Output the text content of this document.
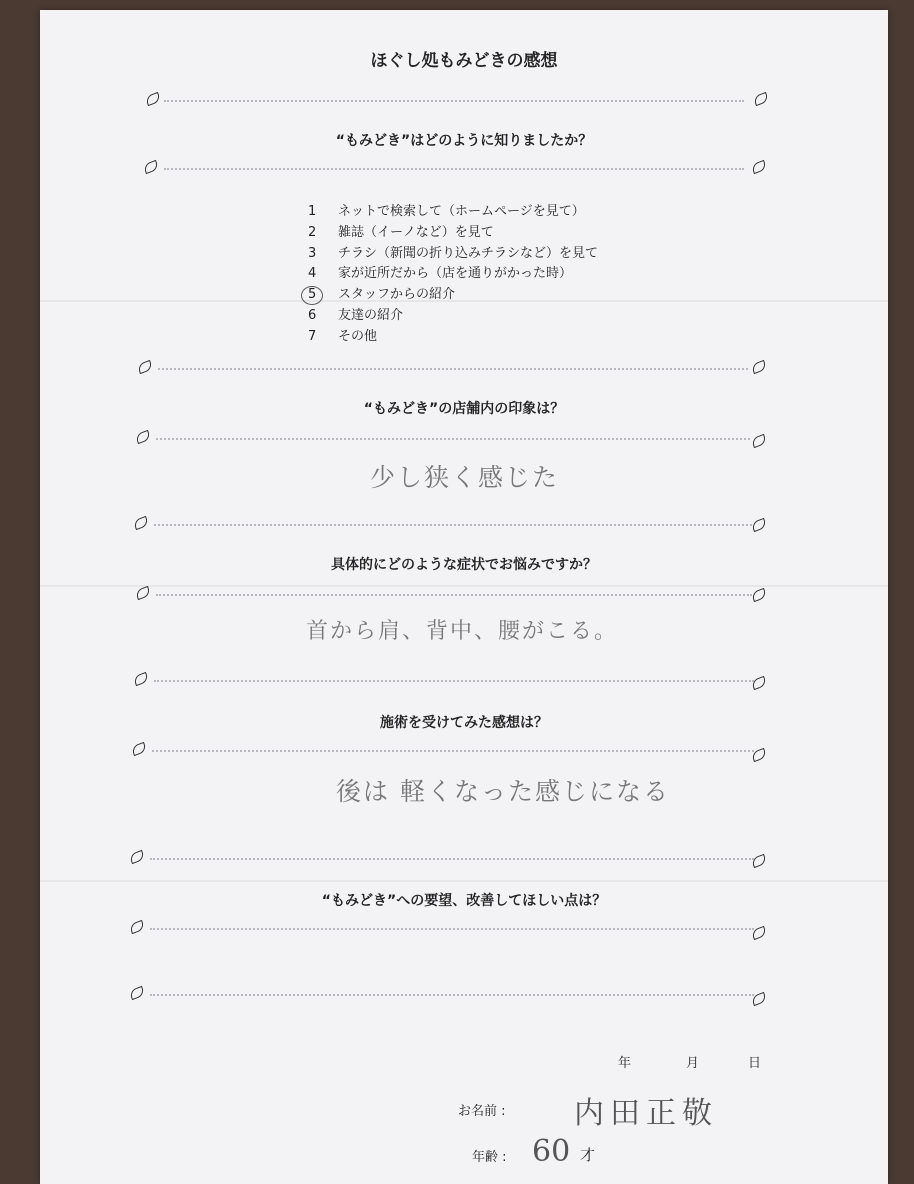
ほぐし処もみどきの感想
“もみどき”はどのように知りましたか？
1	ネットで検索して（ホームページを見て）
2	雑誌（イーノなど）を見て
3	チラシ（新聞の折り込みチラシなど）を見て
4	家が近所だから（店を通りがかった時）
5	スタッフからの紹介
6	友達の紹介
7	その他
“もみどき”の店舗内の印象は？
少し狭く感じた
具体的にどのような症状でお悩みですか？
首から肩、背中、腰がこる。
施術を受けてみた感想は？
後は 軽くなった感じになる
“もみどき”への要望、改善してほしい点は？
年	月	日
お名前 : 内田正敬
年齢 : 60 才
